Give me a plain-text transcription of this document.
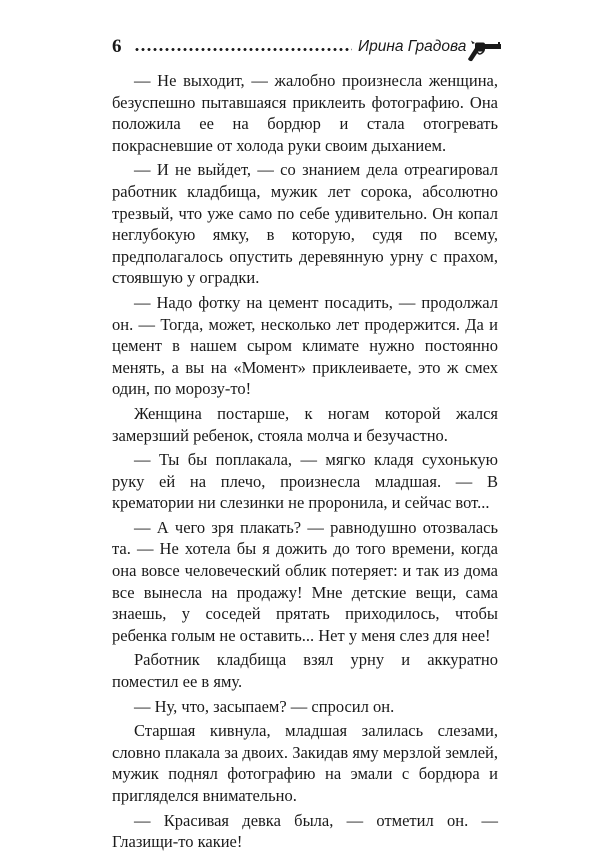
6	Ирина Градова

— Не выходит, — жалобно произнесла женщина, безуспешно пытавшаяся приклеить фотографию. Она положила ее на бордюр и стала отогревать покрасневшие от холода руки своим дыханием.

— И не выйдет, — со знанием дела отреагировал работник кладбища, мужик лет сорока, абсолютно трезвый, что уже само по себе удивительно. Он копал неглубокую ямку, в которую, судя по всему, предполагалось опустить деревянную урну с прахом, стоявшую у оградки.

— Надо фотку на цемент посадить, — продолжал он. — Тогда, может, несколько лет продержится. Да и цемент в нашем сыром климате нужно постоянно менять, а вы на «Момент» приклеиваете, это ж смех один, по морозу-то!

Женщина постарше, к ногам которой жался замерзший ребенок, стояла молча и безучастно.

— Ты бы поплакала, — мягко кладя сухонькую руку ей на плечо, произнесла младшая. — В крематории ни слезинки не проронила, и сейчас вот...

— А чего зря плакать? — равнодушно отозвалась та. — Не хотела бы я дожить до того времени, когда она вовсе человеческий облик потеряет: и так из дома все вынесла на продажу! Мне детские вещи, сама знаешь, у соседей прятать приходилось, чтобы ребенка голым не оставить... Нет у меня слез для нее!

Работник кладбища взял урну и аккуратно поместил ее в яму.

— Ну, что, засыпаем? — спросил он.

Старшая кивнула, младшая залилась слезами, словно плакала за двоих. Закидав яму мерзлой землей, мужик поднял фотографию на эмали с бордюра и пригляделся внимательно.

— Красивая девка была, — отметил он. — Глазищи-то какие!
